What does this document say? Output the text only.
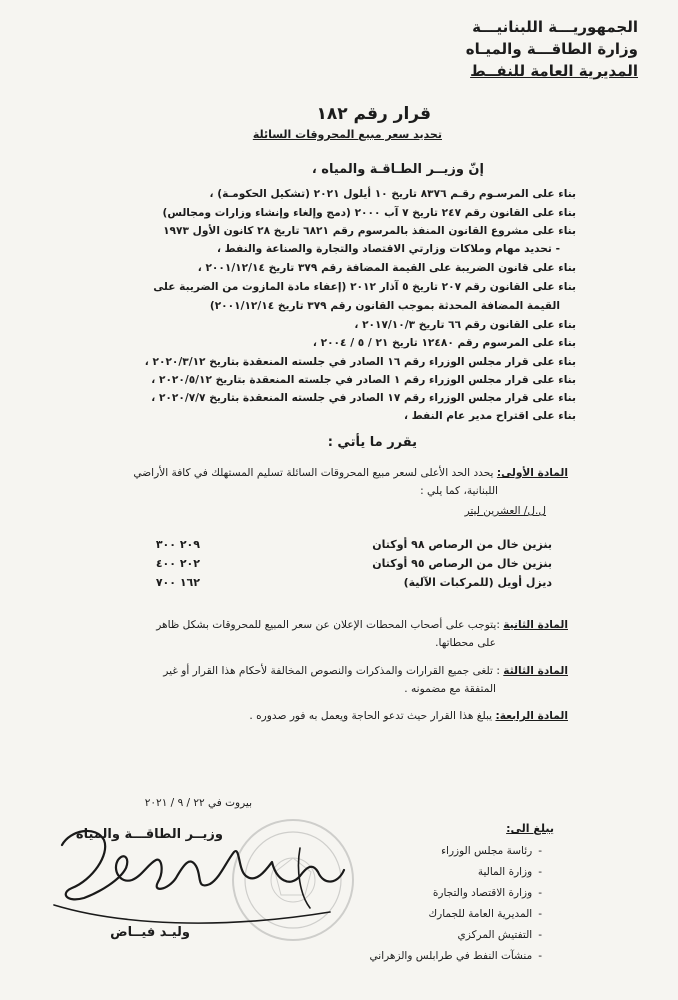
الجمهوريـــة اللبنانيـــة
وزارة الطاقـــة والميـاه
المديرية العامة للنفــط
قرار رقم ١٨٢
تحديد سعر مبيع المحروقات السائلة
إنّ وزيــر الطـاقـة والمياه ،
بناء على المرسـوم رقـم ٨٣٧٦ تاريخ ١٠ أيلول ٢٠٢١ (تشكيل الحكومـة) ،
بناء على القانون رقم ٢٤٧ تاريخ ٧ آب ٢٠٠٠ (دمج وإلغاء وإنشاء وزارات ومجالس)
بناء على مشروع القانون المنفذ بالمرسوم رقم ٦٨٢١ تاريخ ٢٨ كانون الأول ١٩٧٣
- تحديد مهام وملاكات وزارتي الاقتصاد والتجارة والصناعة والنفط ،
بناء على قانون الضريبة على القيمة المضافة رقم ٣٧٩ تاريخ ٢٠٠١/١٢/١٤ ،
بناء على القانون رقم ٢٠٧ تاريخ ٥ آذار ٢٠١٢ (إعفاء مادة المازوت من الضريبة على
القيمة المضافة المحدثة بموجب القانون رقم ٣٧٩ تاريخ ٢٠٠١/١٢/١٤)
بناء على القانون رقم ٦٦ تاريخ ٢٠١٧/١٠/٣ ،
بناء على المرسوم رقم ١٢٤٨٠ تاريخ ٢١ / ٥ / ٢٠٠٤ ،
بناء على قرار مجلس الوزراء رقم ١٦ الصادر في جلسته المنعقدة بتاريخ ٢٠٢٠/٣/١٢ ،
بناء على قرار مجلس الوزراء رقم ١ الصادر في جلسته المنعقدة بتاريخ ٢٠٢٠/٥/١٢ ،
بناء على قرار مجلس الوزراء رقم ١٧ الصادر في جلسته المنعقدة بتاريخ ٢٠٢٠/٧/٧ ،
بناء على اقتراح مدير عام النفط ،
يقرر ما يأتي :
المادة الأولى: يحدد الحد الأعلى لسعر مبيع المحروقات السائلة تسليم المستهلك في كافة الأراضي
اللبنانية، كما يلي :
ل.ل/ العشرين ليتر
بنزين خال من الرصاص ٩٨ أوكتان
٢٠٩ ٣٠٠
بنزين خال من الرصاص ٩٥ أوكتان
٢٠٢ ٤٠٠
ديزل أويل (للمركبات الآلية)
١٦٢ ٧٠٠
المادة الثانية :يتوجب على أصحاب المحطات الإعلان عن سعر المبيع للمحروقات بشكل ظاهر
على محطاتها.
المادة الثالثة : تلغى جميع القرارات والمذكرات والنصوص المخالفة لأحكام هذا القرار أو غير
المتفقة مع مضمونه .
المادة الرابعة: يبلغ هذا القرار حيث تدعو الحاجة ويعمل به فور صدوره .
بيروت في ٢٢ / ٩ / ٢٠٢١
يبلغ الى:
-رئاسة مجلس الوزراء
-وزارة المالية
-وزارة الاقتصاد والتجارة
-المديرية العامة للجمارك
-التفتيش المركزي
-منشآت النفط في طرابلس والزهراني
وزيــر الطاقـــة والمياه
وليـد فيــاض
